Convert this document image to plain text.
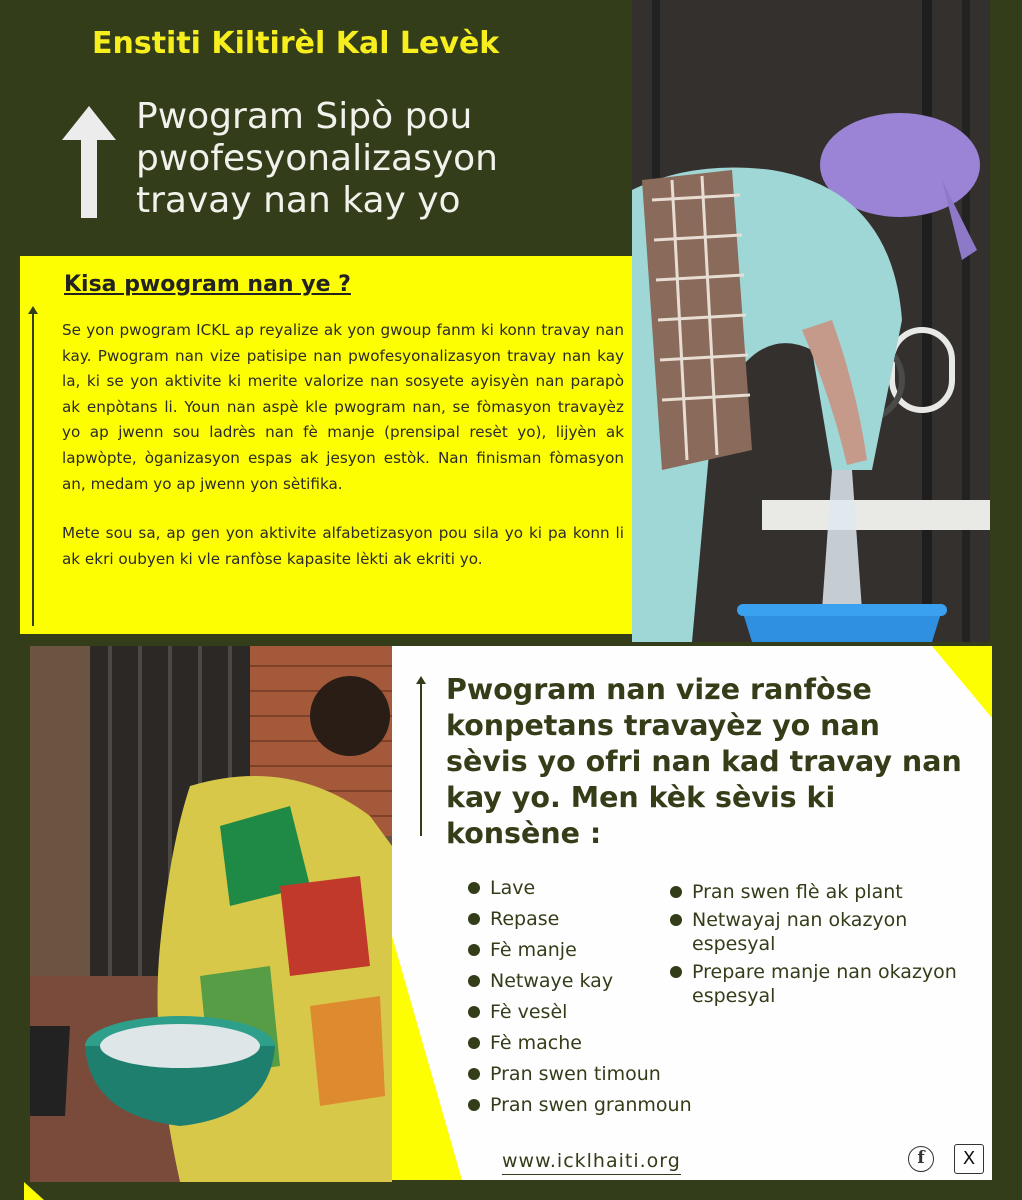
Enstiti Kiltirèl Kal Levèk
Pwogram Sipò pou pwofesyonalizasyon travay nan kay yo
Kisa pwogram nan ye ?

Se yon pwogram ICKL ap reyalize ak yon gwoup fanm ki konn travay nan kay. Pwogram nan vize patisipe nan pwofesyonalizasyon travay nan kay la, ki se yon aktivite ki merite valorize nan sosyete ayisyèn nan parapò ak enpòtans li. Youn nan aspè kle pwogram nan, se fòmasyon travayèz yo ap jwenn sou ladrès nan fè manje (prensipal resèt yo), lijyèn ak lapwòpte, òganizasyon espas ak jesyon estòk. Nan finisman fòmasyon an, medam yo ap jwenn yon sètifika.

Mete sou sa, ap gen yon aktivite alfabetizasyon pou sila yo ki pa konn li ak ekri oubyen ki vle ranfòse kapasite lèkti ak ekriti yo.

Pwogram nan vize ranfòse konpetans travayèz yo nan sèvis yo ofri nan kad travay nan kay yo. Men kèk sèvis ki konsène :
Lave
Repase
Fè manje
Netwaye kay
Fè vesèl
Fè mache
Pran swen timoun
Pran swen granmoun
Pran swen flè ak plant
Netwayaj nan okazyon espesyal
Prepare manje nan okazyon espesyal
www.icklhaiti.org	f	X
